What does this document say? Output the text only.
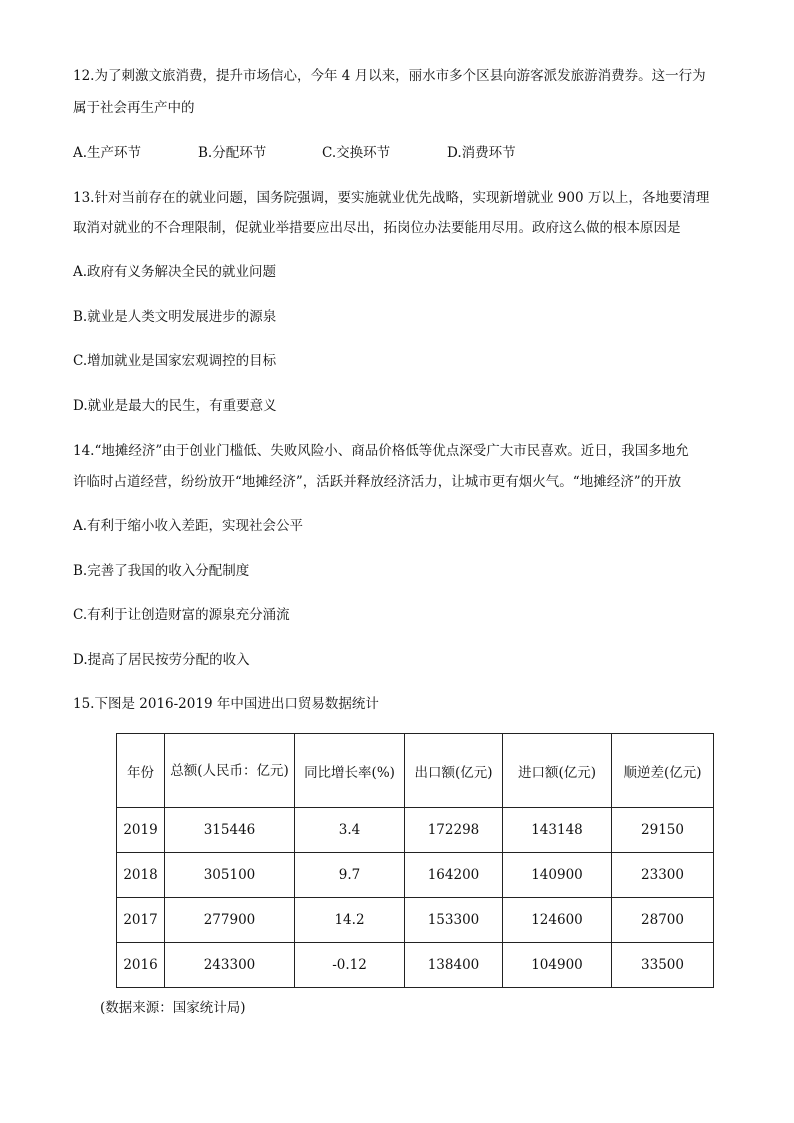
12.为了刺激文旅消费，提升市场信心，今年 4 月以来，丽水市多个区县向游客派发旅游消费券。这一行为
属于社会再生产中的
A.生产环节	B.分配环节	C.交换环节	D.消费环节
13.针对当前存在的就业问题，国务院强调，要实施就业优先战略，实现新增就业 900 万以上，各地要清理
取消对就业的不合理限制，促就业举措要应出尽出，拓岗位办法要能用尽用。政府这么做的根本原因是
A.政府有义务解决全民的就业问题
B.就业是人类文明发展进步的源泉
C.增加就业是国家宏观调控的目标
D.就业是最大的民生，有重要意义
14.“地摊经济”由于创业门槛低、失败风险小、商品价格低等优点深受广大市民喜欢。近日，我国多地允
许临时占道经营，纷纷放开“地摊经济”，活跃并释放经济活力，让城市更有烟火气。“地摊经济”的开放
A.有利于缩小收入差距，实现社会公平
B.完善了我国的收入分配制度
C.有利于让创造财富的源泉充分涌流
D.提高了居民按劳分配的收入
15.下图是 2016-2019 年中国进出口贸易数据统计
年份	总额(人民币：亿元)	同比增长率(%)	出口额(亿元)	进口额(亿元)	顺逆差(亿元)
2019	315446	3.4	172298	143148	29150
2018	305100	9.7	164200	140900	23300
2017	277900	14.2	153300	124600	28700
2016	243300	-0.12	138400	104900	33500
(数据来源：国家统计局)
